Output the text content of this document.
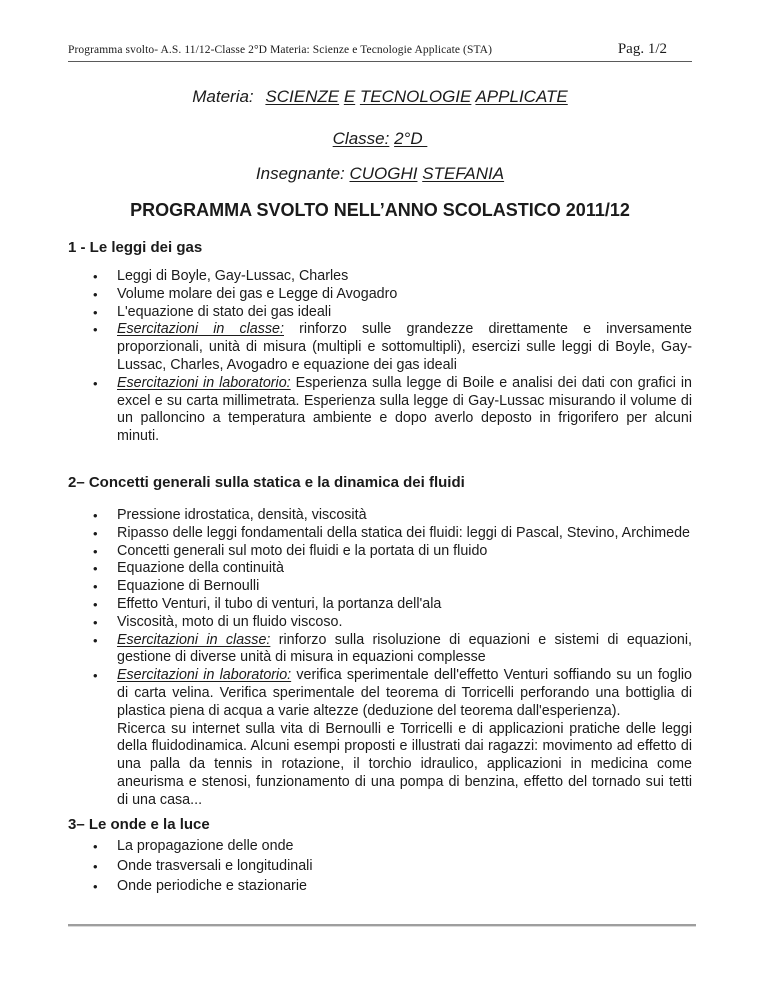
Programma svolto- A.S. 11/12-Classe 2°D Materia: Scienze e Tecnologie Applicate (STA)	Pag. 1/2

Materia: SCIENZE E TECNOLOGIE APPLICATE

Classe: 2°D

Insegnante: CUOGHI STEFANIA

PROGRAMMA SVOLTO NELL’ANNO SCOLASTICO 2011/12

1 - Le leggi dei gas
• Leggi di Boyle, Gay-Lussac, Charles
• Volume molare dei gas e Legge di Avogadro
• L'equazione di stato dei gas ideali
• Esercitazioni in classe: rinforzo sulle grandezze direttamente e inversamente proporzionali, unità di misura (multipli e sottomultipli), esercizi sulle leggi di Boyle, Gay-Lussac, Charles, Avogadro e equazione dei gas ideali
• Esercitazioni in laboratorio: Esperienza sulla legge di Boile e analisi dei dati con grafici in excel e su carta millimetrata. Esperienza sulla legge di Gay-Lussac misurando il volume di un palloncino a temperatura ambiente e dopo averlo deposto in frigorifero per alcuni minuti.
2– Concetti generali sulla statica e la dinamica dei fluidi
• Pressione idrostatica, densità, viscosità
• Ripasso delle leggi fondamentali della statica dei fluidi: leggi di Pascal, Stevino, Archimede
• Concetti generali sul moto dei fluidi e la portata di un fluido
• Equazione della continuità
• Equazione di Bernoulli
• Effetto Venturi, il tubo di venturi, la portanza dell'ala
• Viscosità, moto di un fluido viscoso.
• Esercitazioni in classe: rinforzo sulla risoluzione di equazioni e sistemi di equazioni, gestione di diverse unità di misura in equazioni complesse
• Esercitazioni in laboratorio: verifica sperimentale dell'effetto Venturi soffiando su un foglio di carta velina. Verifica sperimentale del teorema di Torricelli perforando una bottiglia di plastica piena di acqua a varie altezze (deduzione del teorema dall'esperienza).
Ricerca su internet sulla vita di Bernoulli e Torricelli e di applicazioni pratiche delle leggi della fluidodinamica. Alcuni esempi proposti e illustrati dai ragazzi: movimento ad effetto di una palla da tennis in rotazione, il torchio idraulico, applicazioni in medicina come aneurisma e stenosi, funzionamento di una pompa di benzina, effetto del tornado sui tetti di una casa...
3– Le onde e la luce
• La propagazione delle onde
• Onde trasversali e longitudinali
• Onde periodiche e stazionarie
